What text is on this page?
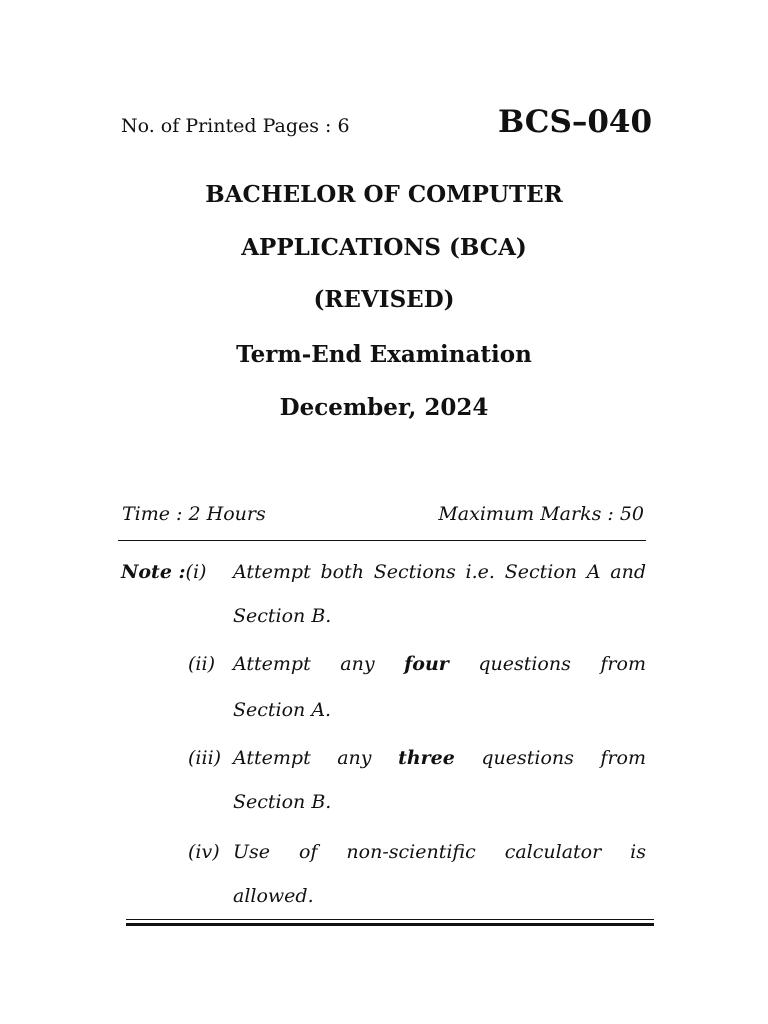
No. of Printed Pages : 6	BCS–040
BACHELOR OF COMPUTER
APPLICATIONS (BCA)
(REVISED)
Term-End Examination
December, 2024
Time : 2 Hours	Maximum Marks : 50
Note :(i) Attempt both Sections i.e. Section A and
Section B.
(ii) Attempt any four questions from
Section A.
(iii) Attempt any three questions from
Section B.
(iv) Use of non-scientific calculator is
allowed.
